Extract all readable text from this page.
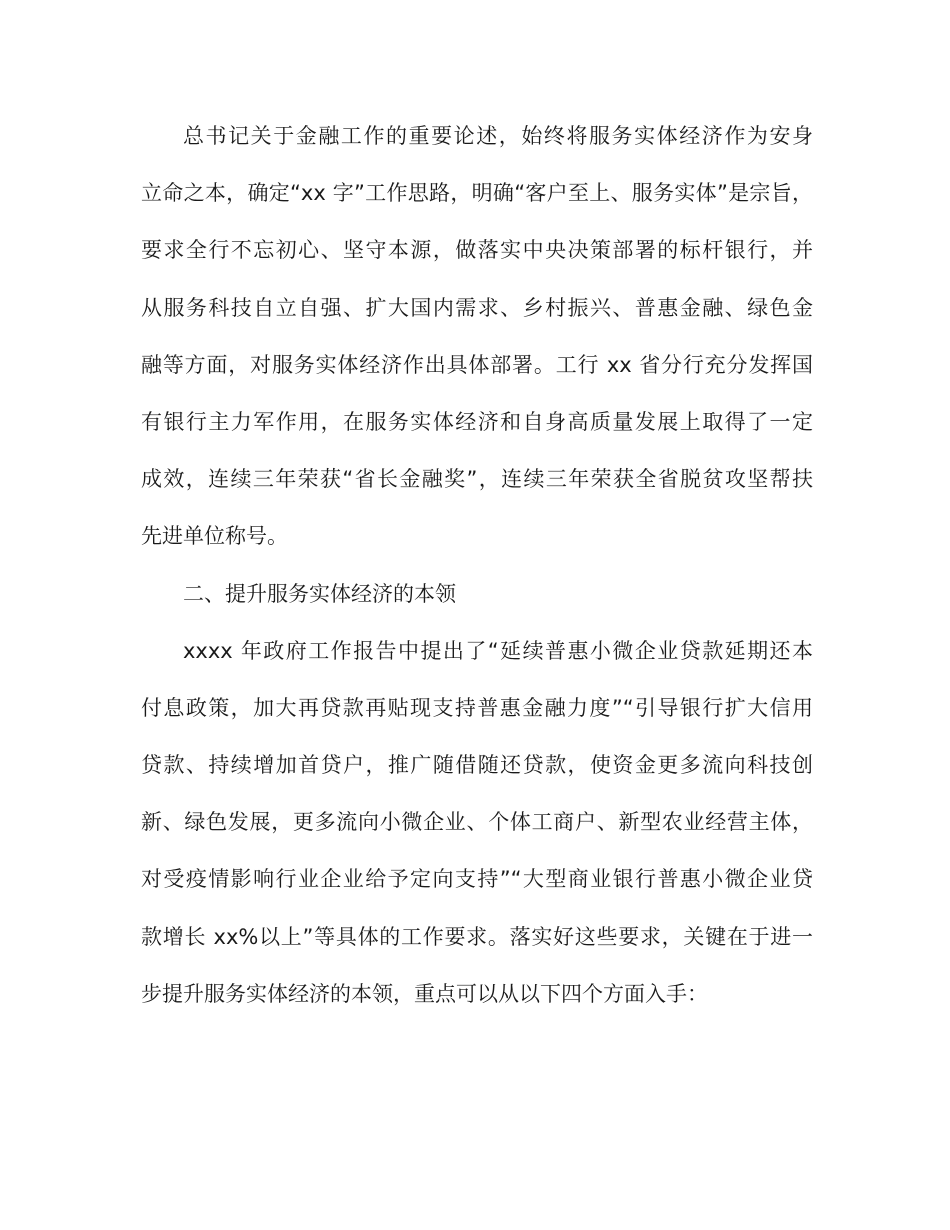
总书记关于金融工作的重要论述，始终将服务实体经济作为安身
立命之本，确定“xx 字”工作思路，明确“客户至上、服务实体”是宗旨，
要求全行不忘初心、坚守本源，做落实中央决策部署的标杆银行，并
从服务科技自立自强、扩大国内需求、乡村振兴、普惠金融、绿色金
融等方面，对服务实体经济作出具体部署。工行 xx 省分行充分发挥国
有银行主力军作用，在服务实体经济和自身高质量发展上取得了一定
成效，连续三年荣获“省长金融奖”，连续三年荣获全省脱贫攻坚帮扶
先进单位称号。
二、提升服务实体经济的本领
xxxx 年政府工作报告中提出了“延续普惠小微企业贷款延期还本
付息政策，加大再贷款再贴现支持普惠金融力度”“引导银行扩大信用
贷款、持续增加首贷户，推广随借随还贷款，使资金更多流向科技创
新、绿色发展，更多流向小微企业、个体工商户、新型农业经营主体，
对受疫情影响行业企业给予定向支持”“大型商业银行普惠小微企业贷
款增长 xx%以上”等具体的工作要求。落实好这些要求，关键在于进一
步提升服务实体经济的本领，重点可以从以下四个方面入手：
